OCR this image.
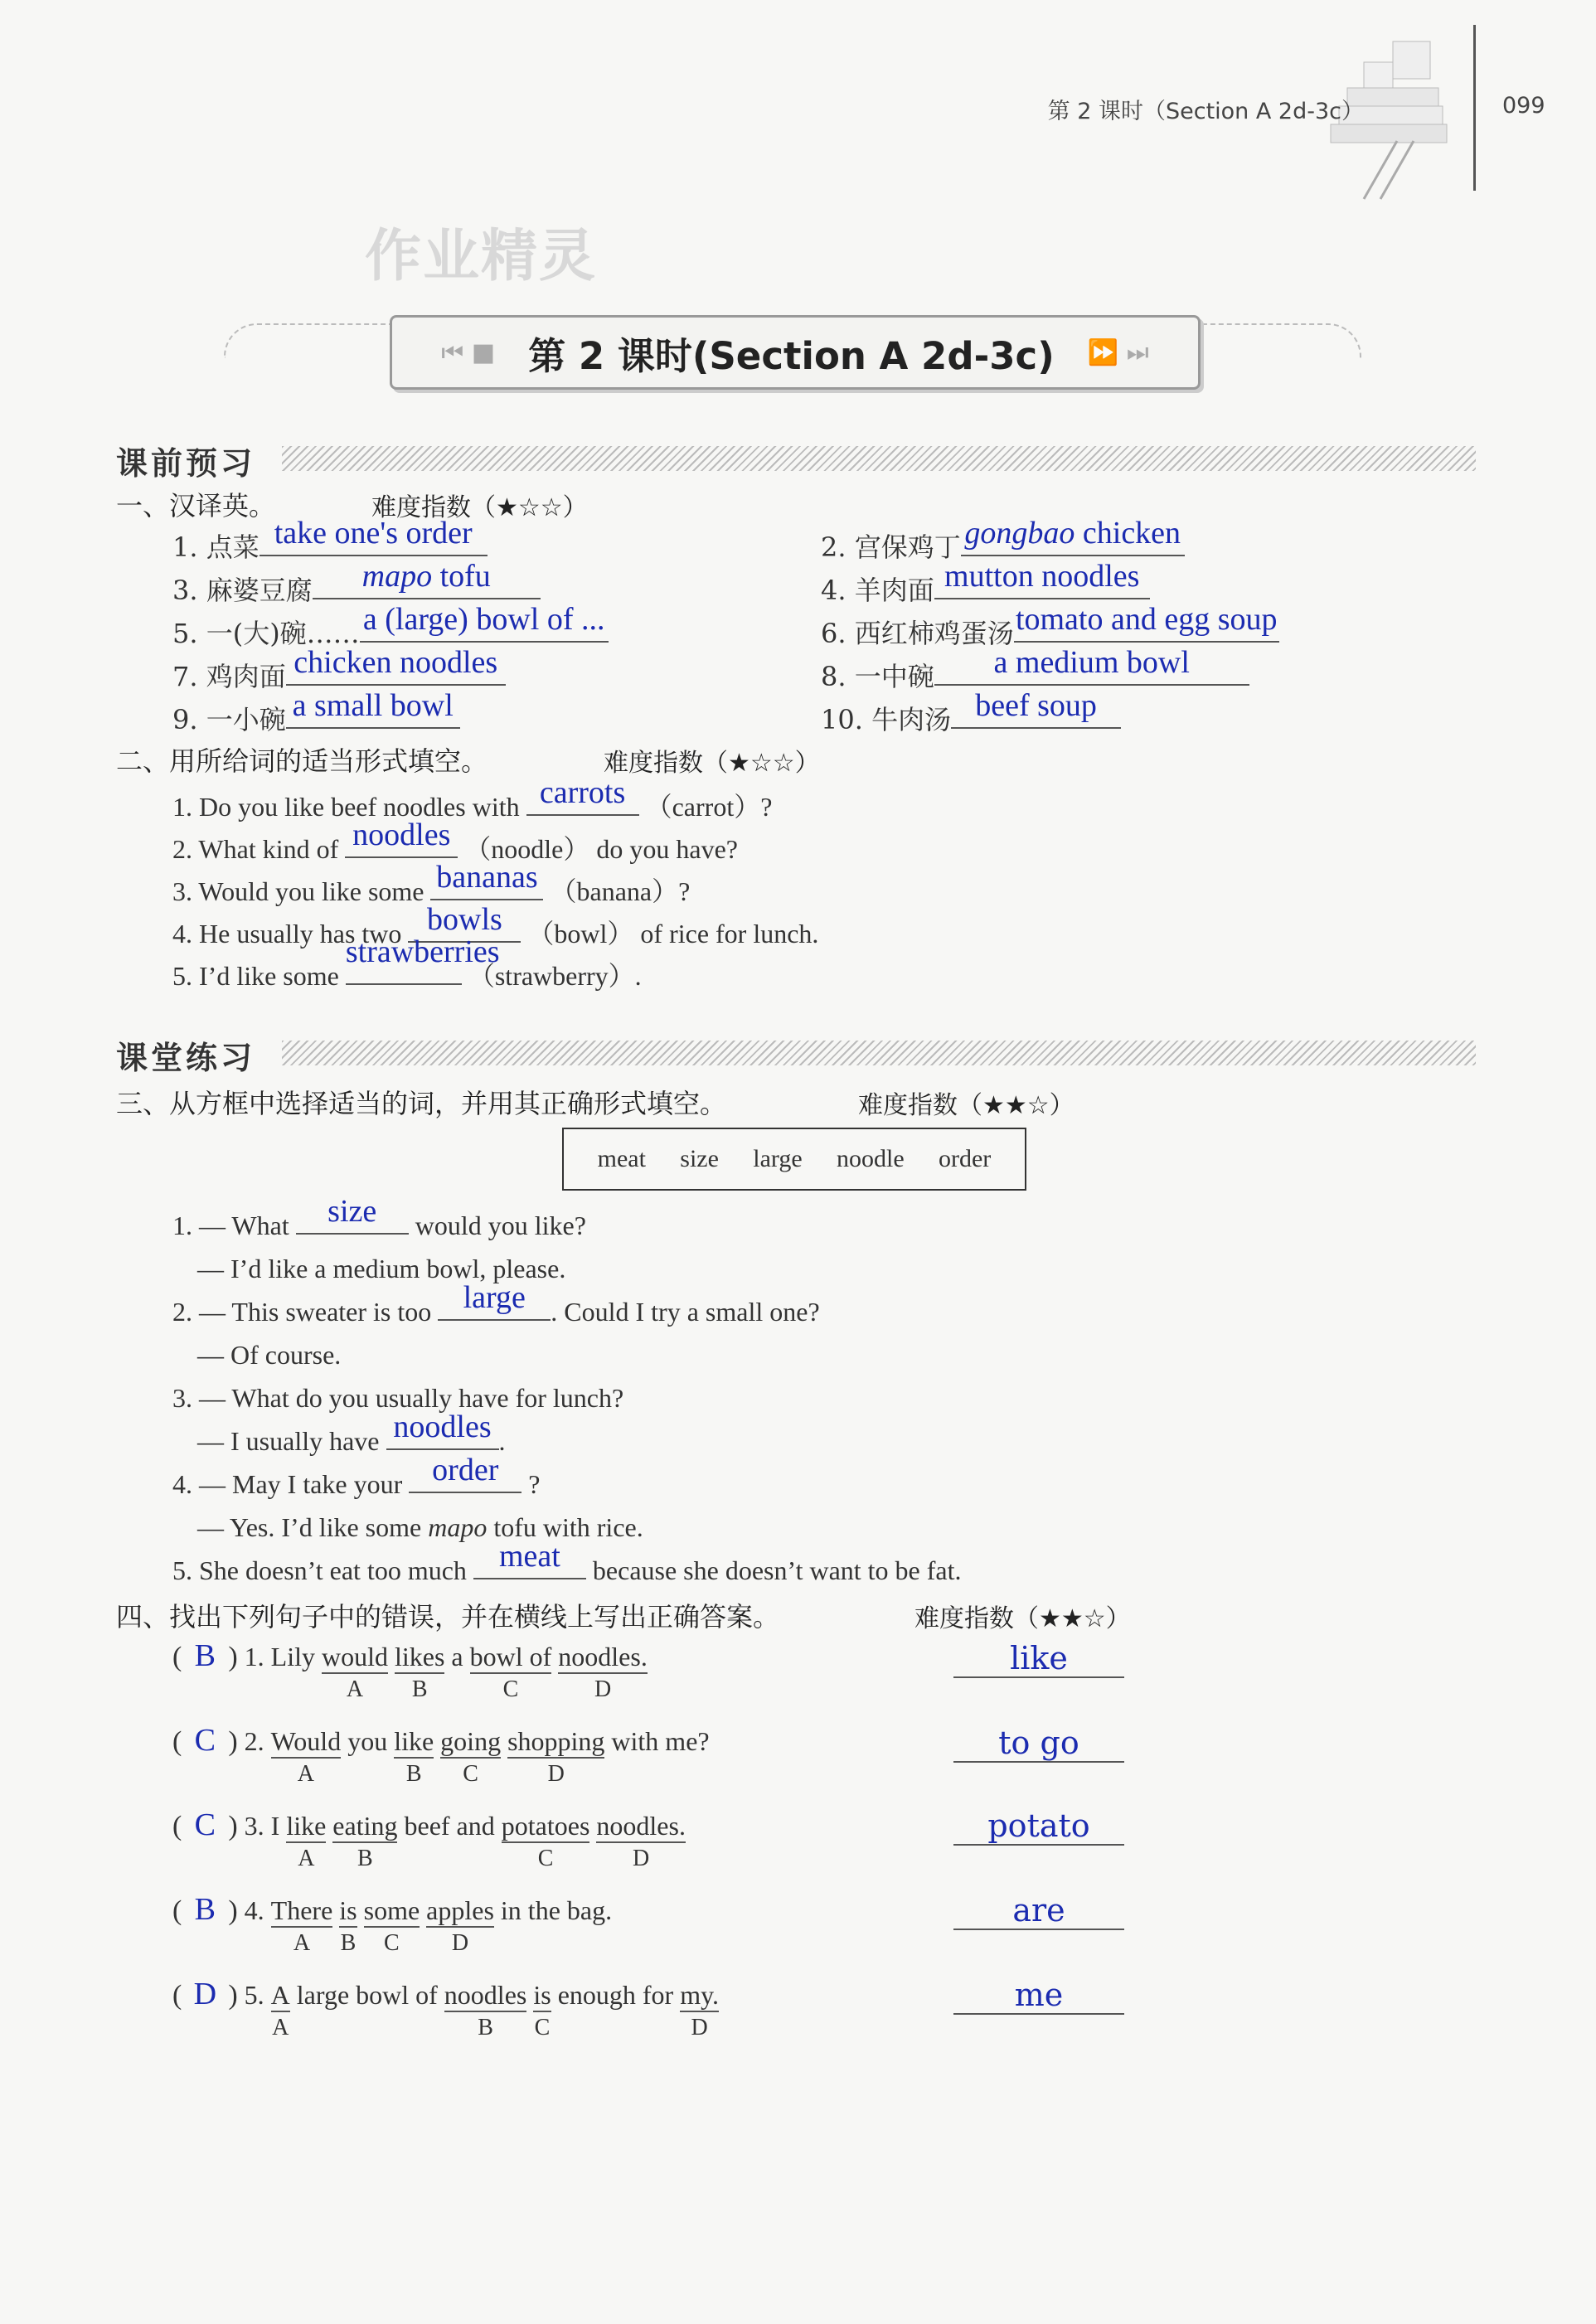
第 2 课时（Section A 2d-3c）	099
作业精灵
⏮ ■ 第 2 课时(Section A 2d-3c) ⏩ ⏭
课前预习
一、汉译英。	难度指数（★☆☆）
1. 点菜 take one's order	2. 宫保鸡丁 gongbao chicken
3. 麻婆豆腐	mapo tofu	4. 羊肉面 mutton noodles
5. 一(大)碗…… a (large) bowl of ...	6. 西红柿鸡蛋汤 tomato and egg soup
7. 鸡肉面 chicken noodles	8. 一中碗	a medium bowl
9. 一小碗 a small bowl	10. 牛肉汤 beef soup
二、用所给词的适当形式填空。	难度指数（★☆☆）
1. Do you like beef noodles with carrots （carrot）?
2. What kind of noodles （noodle） do you have?
3. Would you like some bananas （banana）?
4. He usually has two bowls （bowl） of rice for lunch.
5. I’d like some
strawberries
（strawberry）.
课堂练习
三、从方框中选择适当的词，并用其正确形式填空。	难度指数（★★☆）
meat size large noodle order
1. — What	size	would you like?
— I’d like a medium bowl, please.
2. — This sweater is too	large . Could I try a small one?
— Of course.
3. — What do you usually have for lunch?
— I usually have noodles .
4. — May I take your order	?
— Yes. I’d like some mapo tofu with rice.
5. She doesn’t eat too much	meat	because she doesn’t want to be fat.
四、找出下列句子中的错误，并在横线上写出正确答案。	难度指数（★★☆）
( B ) 1. Lily would
A
likes
B
a bowl of
C
noodles.
D
like
( C ) 2. Would
A
you like
B
going
C
shopping
D
with me?	to go
( C ) 3. I like
A
eating
B
beef and potatoes
C
noodles.
D
potato
( B ) 4. There
A
is
B
some
C
apples
D
in the bag.	are
( D ) 5. A
A
large bowl of noodles
B
is
C
enough for my.
D
me
